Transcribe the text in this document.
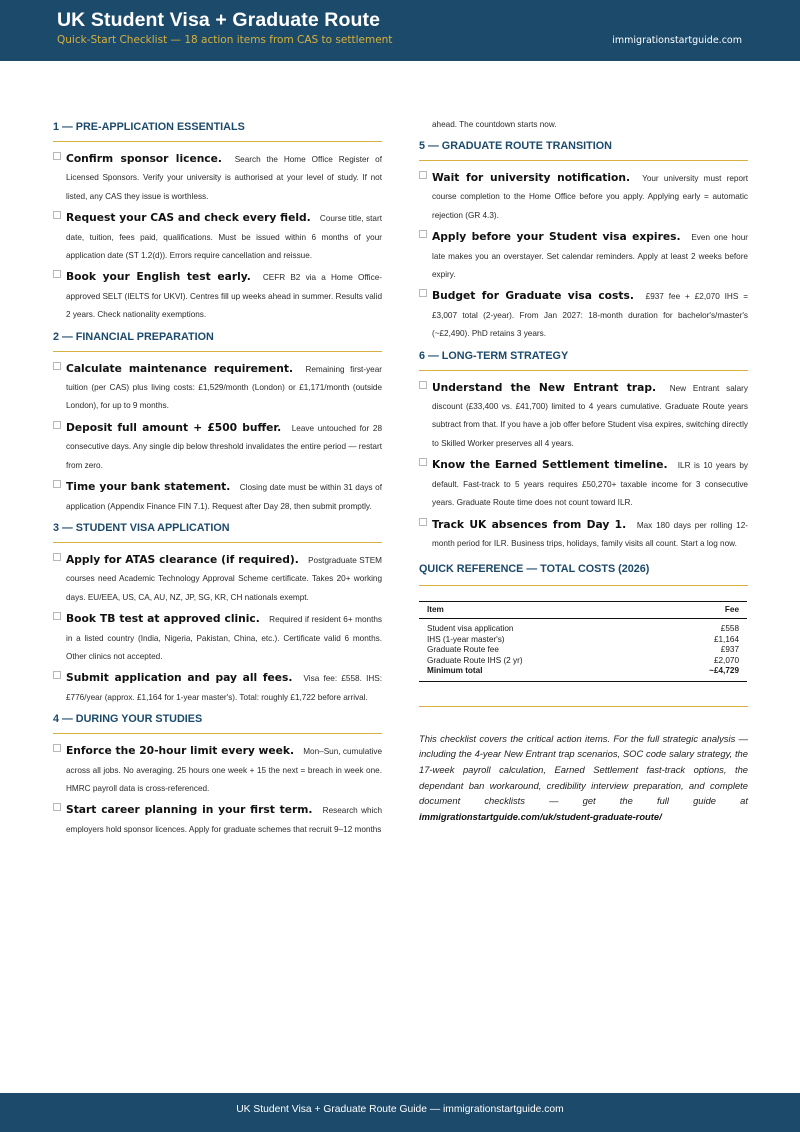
UK Student Visa + Graduate Route
Quick-Start Checklist — 18 action items from CAS to settlement	immigrationstartguide.com
1 — PRE-APPLICATION ESSENTIALS
Confirm sponsor licence. Search the Home Office Register of Licensed Sponsors. Verify your university is authorised at your level of study. If not listed, any CAS they issue is worthless.
Request your CAS and check every field. Course title, start date, tuition, fees paid, qualifications. Must be issued within 6 months of your application date (ST 1.2(d)). Errors require cancellation and reissue.
Book your English test early. CEFR B2 via a Home Office-approved SELT (IELTS for UKVI). Centres fill up weeks ahead in summer. Results valid 2 years. Check nationality exemptions.
2 — FINANCIAL PREPARATION
Calculate maintenance requirement. Remaining first-year tuition (per CAS) plus living costs: £1,529/month (London) or £1,171/month (outside London), for up to 9 months.
Deposit full amount + £500 buffer. Leave untouched for 28 consecutive days. Any single dip below threshold invalidates the entire period — restart from zero.
Time your bank statement. Closing date must be within 31 days of application (Appendix Finance FIN 7.1). Request after Day 28, then submit promptly.
3 — STUDENT VISA APPLICATION
Apply for ATAS clearance (if required). Postgraduate STEM courses need Academic Technology Approval Scheme certificate. Takes 20+ working days. EU/EEA, US, CA, AU, NZ, JP, SG, KR, CH nationals exempt.
Book TB test at approved clinic. Required if resident 6+ months in a listed country (India, Nigeria, Pakistan, China, etc.). Certificate valid 6 months. Other clinics not accepted.
Submit application and pay all fees. Visa fee: £558. IHS: £776/year (approx. £1,164 for 1-year master's). Total: roughly £1,722 before arrival.
4 — DURING YOUR STUDIES
Enforce the 20-hour limit every week. Mon–Sun, cumulative across all jobs. No averaging. 25 hours one week + 15 the next = breach in week one. HMRC payroll data is cross-referenced.
Start career planning in your first term. Research which employers hold sponsor licences. Apply for graduate schemes that recruit 9–12 months
ahead. The countdown starts now.
5 — GRADUATE ROUTE TRANSITION
Wait for university notification. Your university must report course completion to the Home Office before you apply. Applying early = automatic rejection (GR 4.3).
Apply before your Student visa expires. Even one hour late makes you an overstayer. Set calendar reminders. Apply at least 2 weeks before expiry.
Budget for Graduate visa costs. £937 fee + £2,070 IHS = £3,007 total (2-year). From Jan 2027: 18-month duration for bachelor's/master's (~£2,490). PhD retains 3 years.
6 — LONG-TERM STRATEGY
Understand the New Entrant trap. New Entrant salary discount (£33,400 vs. £41,700) limited to 4 years cumulative. Graduate Route years subtract from that. If you have a job offer before Student visa expires, switching directly to Skilled Worker preserves all 4 years.
Know the Earned Settlement timeline. ILR is 10 years by default. Fast-track to 5 years requires £50,270+ taxable income for 3 consecutive years. Graduate Route time does not count toward ILR.
Track UK absences from Day 1. Max 180 days per rolling 12-month period for ILR. Business trips, holidays, family visits all count. Start a log now.
QUICK REFERENCE — TOTAL COSTS (2026)
Item	Fee
Student visa application	£558
IHS (1-year master's)	£1,164
Graduate Route fee	£937
Graduate Route IHS (2 yr)	£2,070
Minimum total	~£4,729
This checklist covers the critical action items. For the full strategic analysis — including the 4-year New Entrant trap scenarios, SOC code salary strategy, the 17-week payroll calculation, Earned Settlement fast-track options, the dependant ban workaround, credibility interview preparation, and complete document checklists — get the full guide at immigrationstartguide.com/uk/student-graduate-route/
UK Student Visa + Graduate Route Guide — immigrationstartguide.com
